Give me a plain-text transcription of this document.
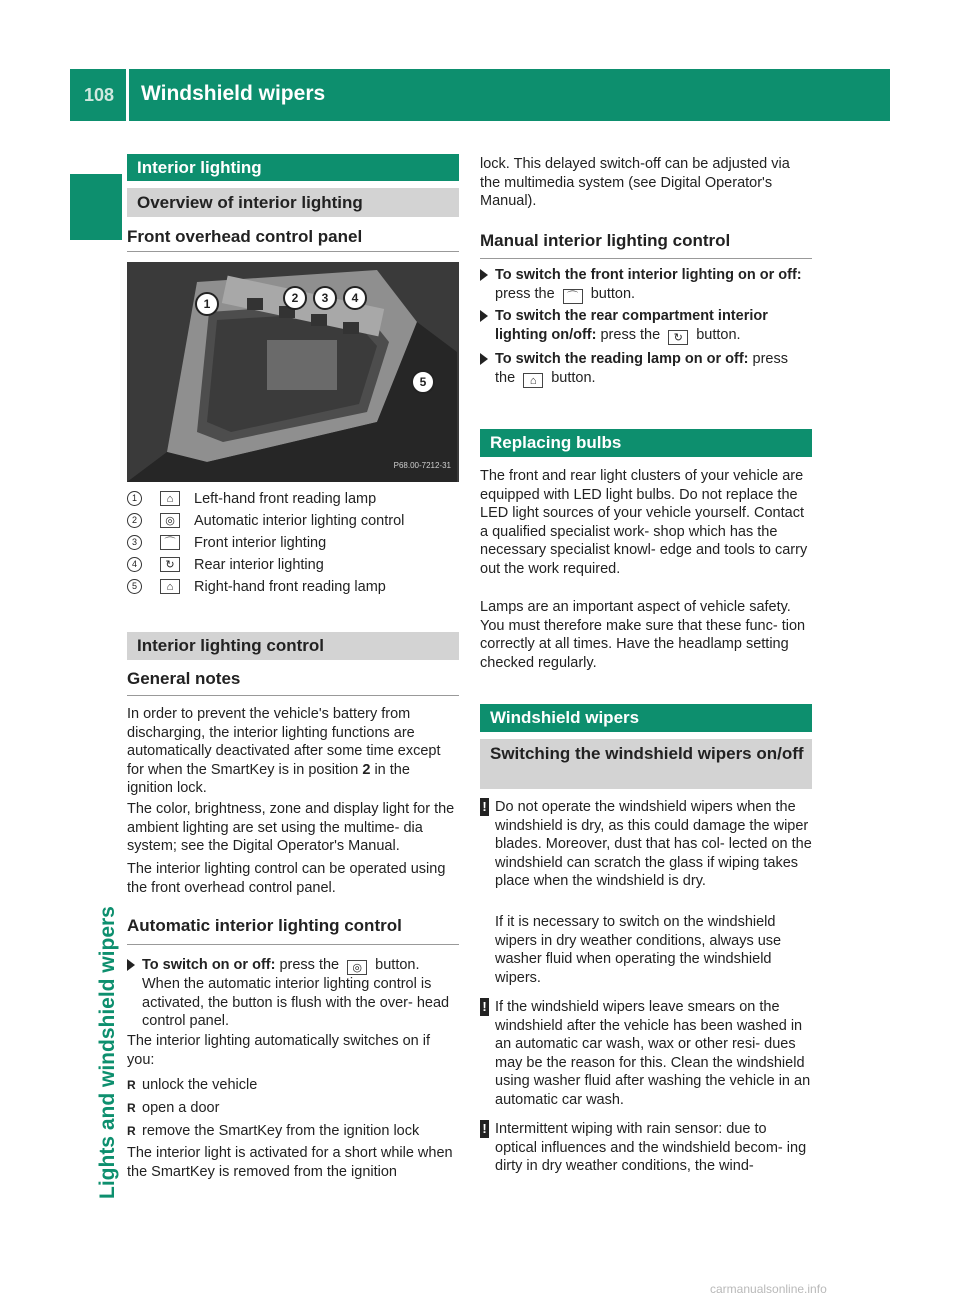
108 Windshield wipers
Lights and windshield wipers
Interior lighting
Overview of interior lighting
Front overhead control panel
1	2	3	4
5
P68.00-7212-31
1	⌂	Left-hand front reading lamp
2	◎	Automatic interior lighting control
3	⌒	Front interior lighting
4	↻	Rear interior lighting
5	⌂	Right-hand front reading lamp
Interior lighting control
General notes
In order to prevent the vehicle's battery from discharging, the interior lighting functions are automatically deactivated after some time except for when the SmartKey is in position 2 in the ignition lock.
The color, brightness, zone and display light for the ambient lighting are set using the multime- dia system; see the Digital Operator's Manual.
The interior lighting control can be operated using the front overhead control panel.
Automatic interior lighting control
To switch on or off: press the ◎ button. When the automatic interior lighting control is activated, the button is flush with the over- head control panel.
The interior lighting automatically switches on if you:
R unlock the vehicle
R open a door
R remove the SmartKey from the ignition lock
The interior light is activated for a short while when the SmartKey is removed from the ignition
lock. This delayed switch-off can be adjusted via the multimedia system (see Digital Operator's Manual).
Manual interior lighting control
To switch the front interior lighting on or off: press the ⌒ button.
To switch the rear compartment interior lighting on/off: press the ↻ button.
To switch the reading lamp on or off: press the ⌂ button.
Replacing bulbs
The front and rear light clusters of your vehicle are equipped with LED light bulbs. Do not replace the LED light sources of your vehicle yourself. Contact a qualified specialist work- shop which has the necessary specialist knowl- edge and tools to carry out the work required.
Lamps are an important aspect of vehicle safety. You must therefore make sure that these func- tion correctly at all times. Have the headlamp setting checked regularly.
Windshield wipers
Switching the windshield wipers on/off
! Do not operate the windshield wipers when the windshield is dry, as this could damage the wiper blades. Moreover, dust that has col- lected on the windshield can scratch the glass if wiping takes place when the windshield is dry.
If it is necessary to switch on the windshield wipers in dry weather conditions, always use washer fluid when operating the windshield wipers.
! If the windshield wipers leave smears on the windshield after the vehicle has been washed in an automatic car wash, wax or other resi- dues may be the reason for this. Clean the windshield using washer fluid after washing the vehicle in an automatic car wash.
! Intermittent wiping with rain sensor: due to optical influences and the windshield becom- ing dirty in dry weather conditions, the wind-
carmanualsonline.info
